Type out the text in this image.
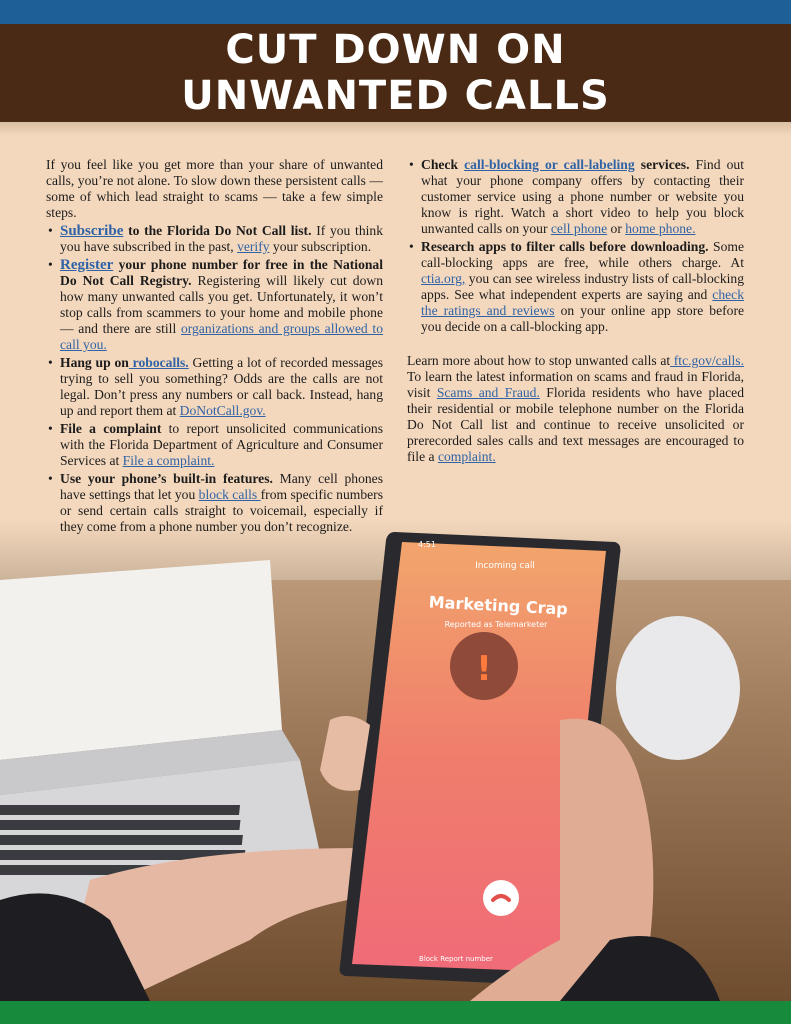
CUT DOWN ON
UNWANTED CALLS
4:51
Incoming call
Marketing Crap
Reported as Telemarketer
!
Block Report number

If you feel like you get more than your share of unwanted calls, you’re not alone. To slow down these persistent calls — some of which lead straight to scams — take a few simple steps.

• Subscribe to the Florida Do Not Call list. If you think you have subscribed in the past, verify your subscription.
• Register your phone number for free in the National Do Not Call Registry. Registering will likely cut down how many unwanted calls you get. Unfortunately, it won’t stop calls from scammers to your home and mobile phone — and there are still organizations and groups allowed to call you.
• Hang up on robocalls. Getting a lot of recorded messages trying to sell you something? Odds are the calls are not legal. Don’t press any numbers or call back. Instead, hang up and report them at DoNotCall.gov.
• File a complaint to report unsolicited communications with the Florida Department of Agriculture and Consumer Services at File a complaint.
• Use your phone’s built-in features. Many cell phones have settings that let you block calls from specific numbers or send certain calls straight to voicemail, especially if they come from a phone number you don’t recognize.
• Check call-blocking or call-labeling services. Find out what your phone company offers by contacting their customer service using a phone number or website you know is right. Watch a short video to help you block unwanted calls on your cell phone or home phone.
• Research apps to filter calls before downloading. Some call-blocking apps are free, while others charge. At ctia.org, you can see wireless industry lists of call-blocking apps. See what independent experts are saying and check the ratings and reviews on your online app store before you decide on a call-blocking app.

Learn more about how to stop unwanted calls at ftc.gov/calls. To learn the latest information on scams and fraud in Florida, visit Scams and Fraud. Florida residents who have placed their residential or mobile telephone number on the Florida Do Not Call list and continue to receive unsolicited or prerecorded sales calls and text messages are encouraged to file a complaint.
